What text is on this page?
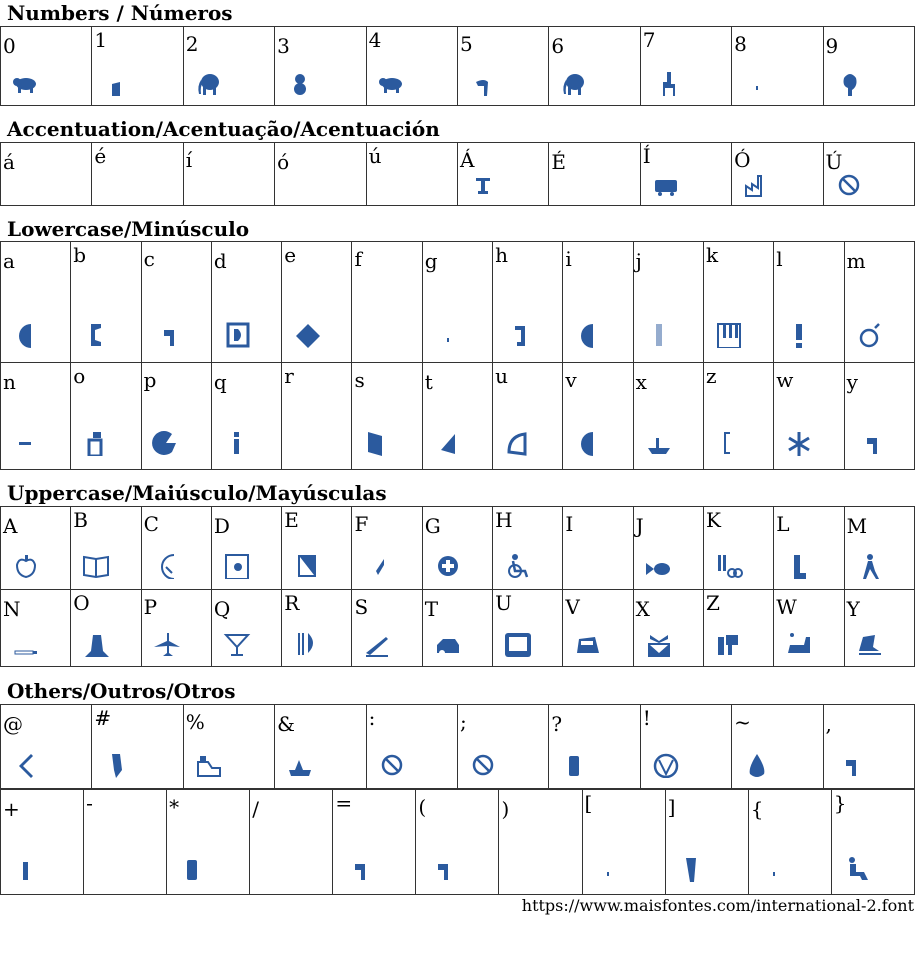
Numbers / Números
Accentuation/Acentuação/Acentuación
Lowercase/Minúsculo
Uppercase/Maiúsculo/Mayúsculas
Others/Outros/Otros
0	1	2	3	4	5	6	7	8	9
á	é	í	ó	ú	Á	É	Í	Ó	Ú
a	b	c	d	e	f	g	h	i	j	k	l	m

n	o	p	q	r	s	t	u	v	x	z	w	y
A	B	C	D	E	F	G	H	I	J	K	L	M

N	O	P	Q	R	S	T	U	V	X	Z	W	Y
@	#	%	&	:	;	?	!	~	,
+	-	*	/	=	(	)	[	]	{	}
https://www.maisfontes.com/international-2.font
